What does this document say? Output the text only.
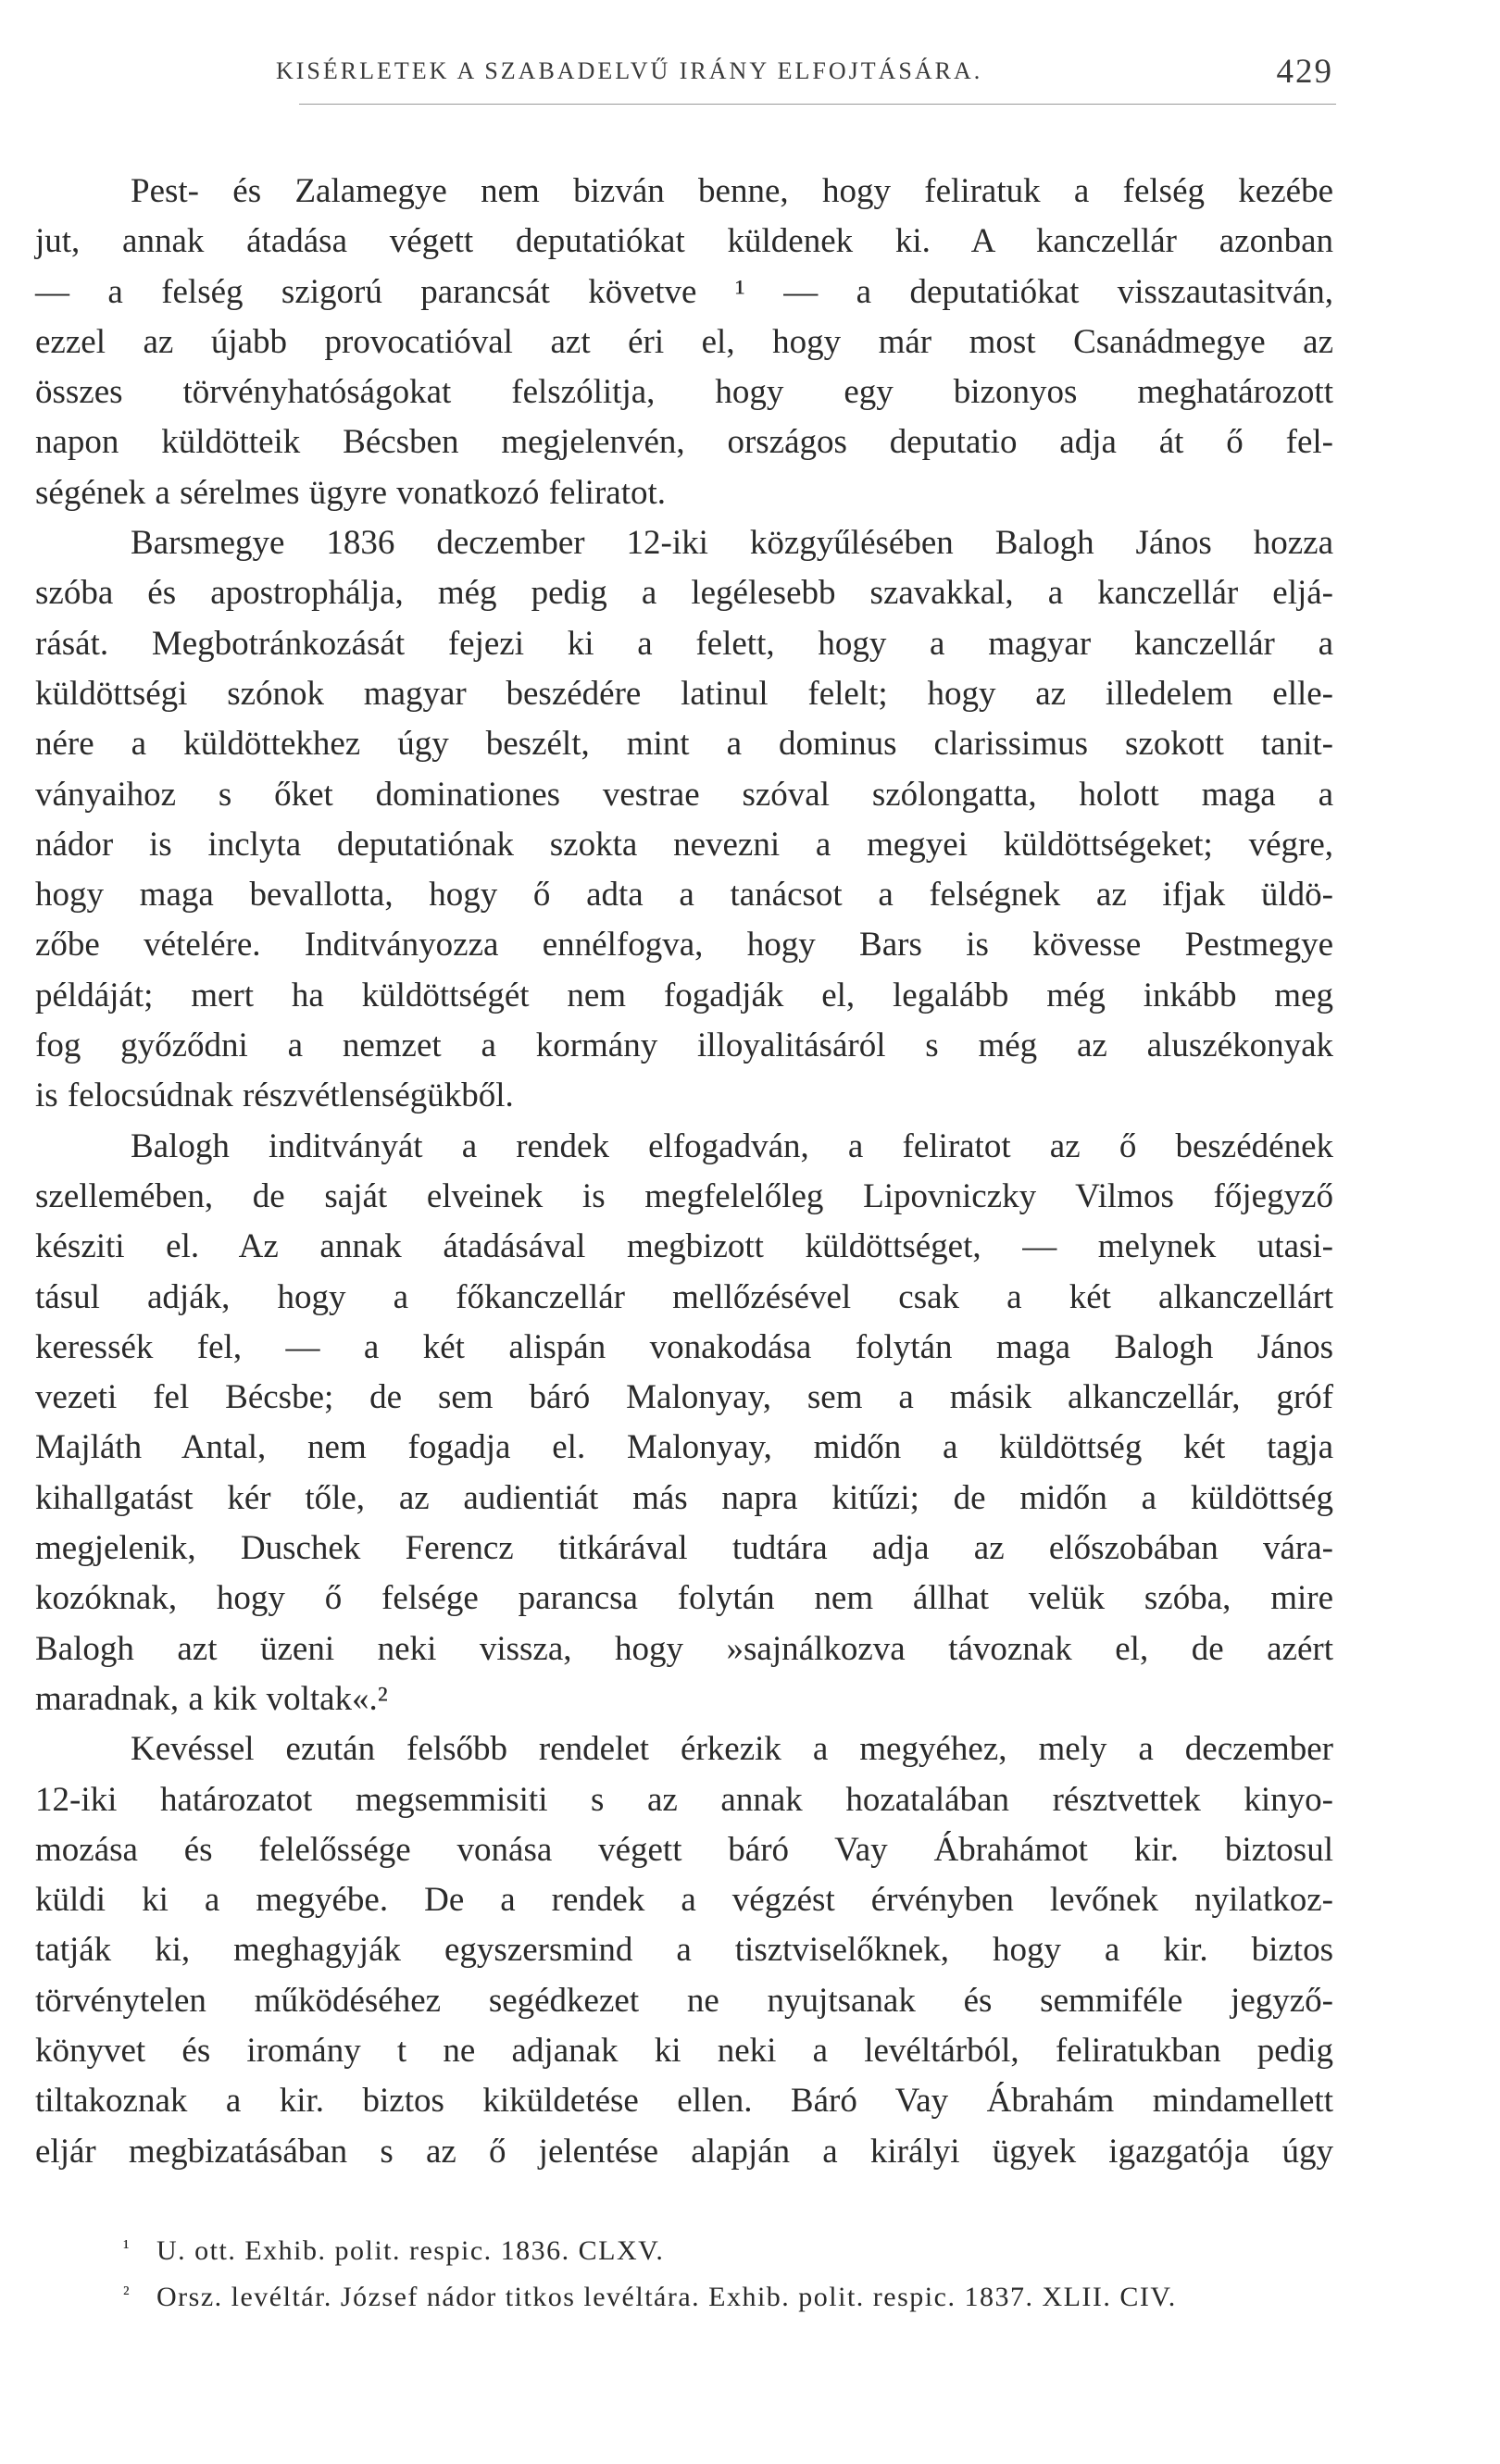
KISÉRLETEK A SZABADELVŰ IRÁNY ELFOJTÁSÁRA.	429
Pest- és Zalamegye nem bizván benne, hogy feliratuk a felség kezébe
jut, annak átadása végett deputatiókat küldenek ki. A kanczellár azonban
— a felség szigorú parancsát követve ¹ — a deputatiókat visszautasitván,
ezzel az újabb provocatióval azt éri el, hogy már most Csanádmegye az
összes törvényhatóságokat felszólitja, hogy egy bizonyos meghatározott
napon küldötteik Bécsben megjelenvén, országos deputatio adja át ő fel-
ségének a sérelmes ügyre vonatkozó feliratot.
Barsmegye 1836 deczember 12-iki közgyűlésében Balogh János hozza
szóba és apostrophálja, még pedig a legélesebb szavakkal, a kanczellár eljá-
rását. Megbotránkozását fejezi ki a felett, hogy a magyar kanczellár a
küldöttségi szónok magyar beszédére latinul felelt; hogy az illedelem elle-
nére a küldöttekhez úgy beszélt, mint a dominus clarissimus szokott tanit-
ványaihoz s őket dominationes vestrae szóval szólongatta, holott maga a
nádor is inclyta deputatiónak szokta nevezni a megyei küldöttségeket; végre,
hogy maga bevallotta, hogy ő adta a tanácsot a felségnek az ifjak üldö-
zőbe vételére. Inditványozza ennélfogva, hogy Bars is kövesse Pestmegye
példáját; mert ha küldöttségét nem fogadják el, legalább még inkább meg
fog győződni a nemzet a kormány illoyalitásáról s még az aluszékonyak
is felocsúdnak részvétlenségükből.
Balogh inditványát a rendek elfogadván, a feliratot az ő beszédének
szellemében, de saját elveinek is megfelelőleg Lipovniczky Vilmos főjegyző
késziti el. Az annak átadásával megbizott küldöttséget, — melynek utasi-
tásul adják, hogy a főkanczellár mellőzésével csak a két alkanczellárt
keressék fel, — a két alispán vonakodása folytán maga Balogh János
vezeti fel Bécsbe; de sem báró Malonyay, sem a másik alkanczellár, gróf
Majláth Antal, nem fogadja el. Malonyay, midőn a küldöttség két tagja
kihallgatást kér tőle, az audientiát más napra kitűzi; de midőn a küldöttség
megjelenik, Duschek Ferencz titkárával tudtára adja az előszobában vára-
kozóknak, hogy ő felsége parancsa folytán nem állhat velük szóba, mire
Balogh azt üzeni neki vissza, hogy »sajnálkozva távoznak el, de azért
maradnak, a kik voltak«.²
Kevéssel ezután felsőbb rendelet érkezik a megyéhez, mely a deczember
12-iki határozatot megsemmisiti s az annak hozatalában résztvettek kinyo-
mozása és felelőssége vonása végett báró Vay Ábrahámot kir. biztosul
küldi ki a megyébe. De a rendek a végzést érvényben levőnek nyilatkoz-
tatják ki, meghagyják egyszersmind a tisztviselőknek, hogy a kir. biztos
törvénytelen működéséhez segédkezet ne nyujtsanak és semmiféle jegyző-
könyvet és iromány t ne adjanak ki neki a levéltárból, feliratukban pedig
tiltakoznak a kir. biztos kiküldetése ellen. Báró Vay Ábrahám mindamellett
eljár megbizatásában s az ő jelentése alapján a királyi ügyek igazgatója úgy
¹ U. ott. Exhib. polit. respic. 1836. CLXV.
² Orsz. levéltár. József nádor titkos levéltára. Exhib. polit. respic. 1837. XLII. CIV.
